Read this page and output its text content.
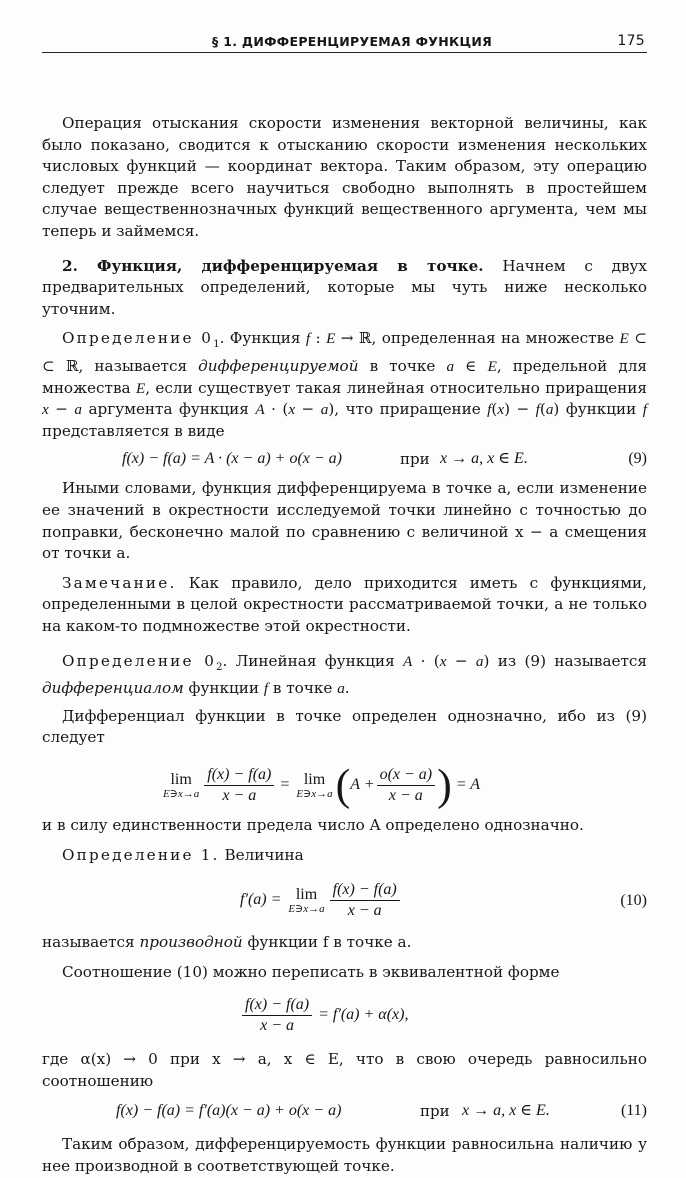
§ 1. ДИФФЕРЕНЦИРУЕМАЯ ФУНКЦИЯ	175

Операция отыскания скорости изменения векторной величины, как было показано, сводится к отысканию скорости изменения нескольких числовых функций — координат вектора. Таким образом, эту операцию следует прежде всего научиться свободно выполнять в простейшем случае вещественнозначных функций вещественного аргумента, чем мы теперь и займемся.

2. Функция, дифференцируемая в точке. Начнем с двух предварительных определений, которые мы чуть ниже несколько уточним.

Определение $0_1$. Функция f : E → ℝ, определенная на множестве E ⊂ ⊂ ℝ, называется дифференцируемой в точке a ∈ E, предельной для множества E, если существует такая линейная относительно приращения x − a аргумента функция A · (x − a), что приращение f(x) − f(a) функции f представляется в виде

f(x) − f(a) = A · (x − a) + o(x − a)	при x → a, x ∈ E.	(9)

Иными словами, функция дифференцируема в точке a, если изменение ее значений в окрестности исследуемой точки линейно с точностью до поправки, бесконечно малой по сравнению с величиной x − a смещения от точки a.

Замечание. Как правило, дело приходится иметь с функциями, определенными в целой окрестности рассматриваемой точки, а не только на каком-то подмножестве этой окрестности.

Определение $0_2$. Линейная функция A · (x − a) из (9) называется дифференциалом функции f в точке a.

Дифференциал функции в точке определен однозначно, ибо из (9) следует

lim
E∋x→a $\frac{f(x) - f(a)}{x - a} = \lim$
E∋x→a ($A + \frac{o(x - a)}{x - a}$ ) = A

и в силу единственности предела число A определено однозначно.

Определение 1. Величина

f′(a) = lim
E∋x→a $\frac{f(x) - f(a)}{x - a}$	(10)

называется производной функции f в точке a.

Соотношение (10) можно переписать в эквивалентной форме

$\frac{f(x) - f(a)}{x - a} = f'(a) + \alpha(x)$,

где α(x) → 0 при x → a, x ∈ E, что в свою очередь равносильно соотношению

f(x) − f(a) = f′(a)(x − a) + o(x − a)	при x → a, x ∈ E.	(11)

Таким образом, дифференцируемость функции равносильна наличию у нее производной в соответствующей точке.
